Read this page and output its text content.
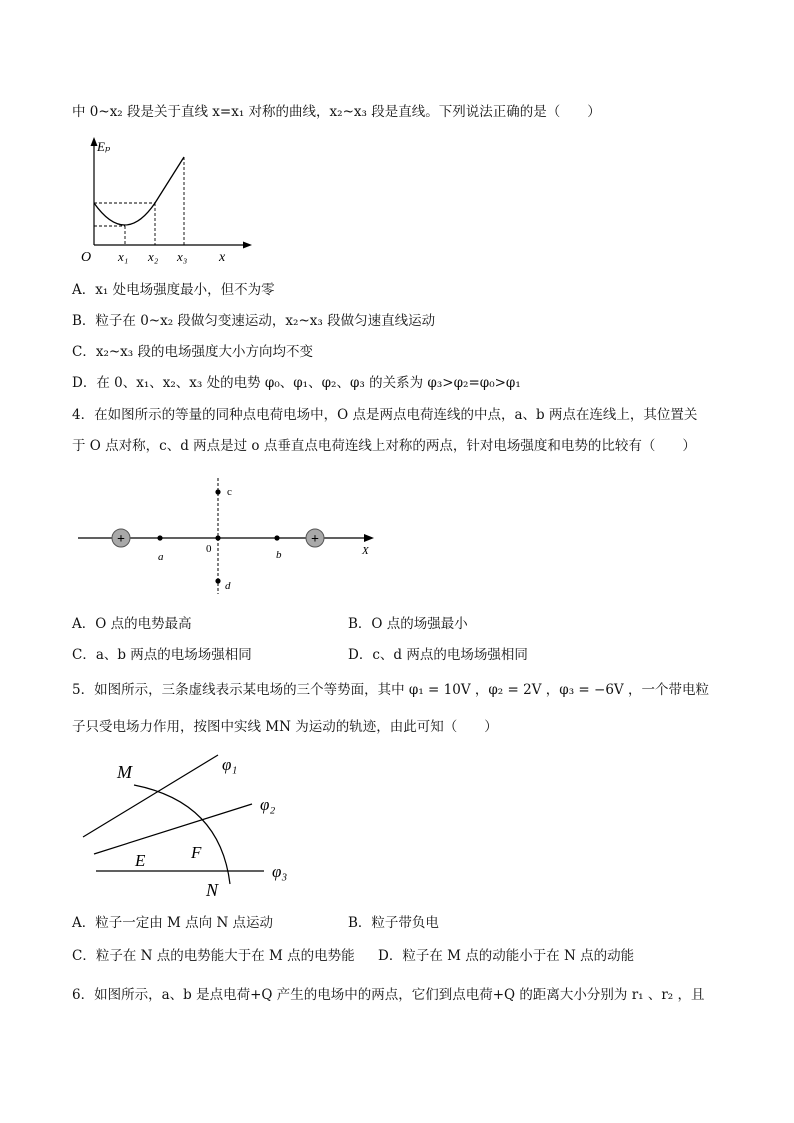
中 0~x₂ 段是关于直线 x=x₁ 对称的曲线，x₂~x₃ 段是直线。下列说法正确的是（　　）
Eₚ
O x₁ x₂ x₃ x
A．x₁ 处电场强度最小，但不为零
B．粒子在 0~x₂ 段做匀变速运动，x₂~x₃ 段做匀速直线运动
C．x₂~x₃ 段的电场强度大小方向均不变
D．在 0、x₁、x₂、x₃ 处的电势 φ₀、φ₁、φ₂、φ₃ 的关系为 φ₃>φ₂=φ₀>φ₁
4．在如图所示的等量的同种点电荷电场中，O 点是两点电荷连线的中点，a、b 两点在连线上，其位置关
于 O 点对称，c、d 两点是过 o 点垂直点电荷连线上对称的两点，针对电场强度和电势的比较有（　　）
+	+
a	b
0
c
d
X
A．O 点的电势最高	B．O 点的场强最小
C．a、b 两点的电场场强相同	D．c、d 两点的电场场强相同
5．如图所示，三条虚线表示某电场的三个等势面，其中 φ₁ = 10V ，φ₂ = 2V ，φ₃ = −6V ，一个带电粒
子只受电场力作用，按图中实线 MN 为运动的轨迹，由此可知（　　）
M
N
E	F
φ₁
φ₂
φ₃
A．粒子一定由 M 点向 N 点运动	B．粒子带负电
C．粒子在 N 点的电势能大于在 M 点的电势能 D．粒子在 M 点的动能小于在 N 点的动能
6．如图所示，a、b 是点电荷+Q 产生的电场中的两点，它们到点电荷+Q 的距离大小分别为 r₁ 、r₂ ，且
